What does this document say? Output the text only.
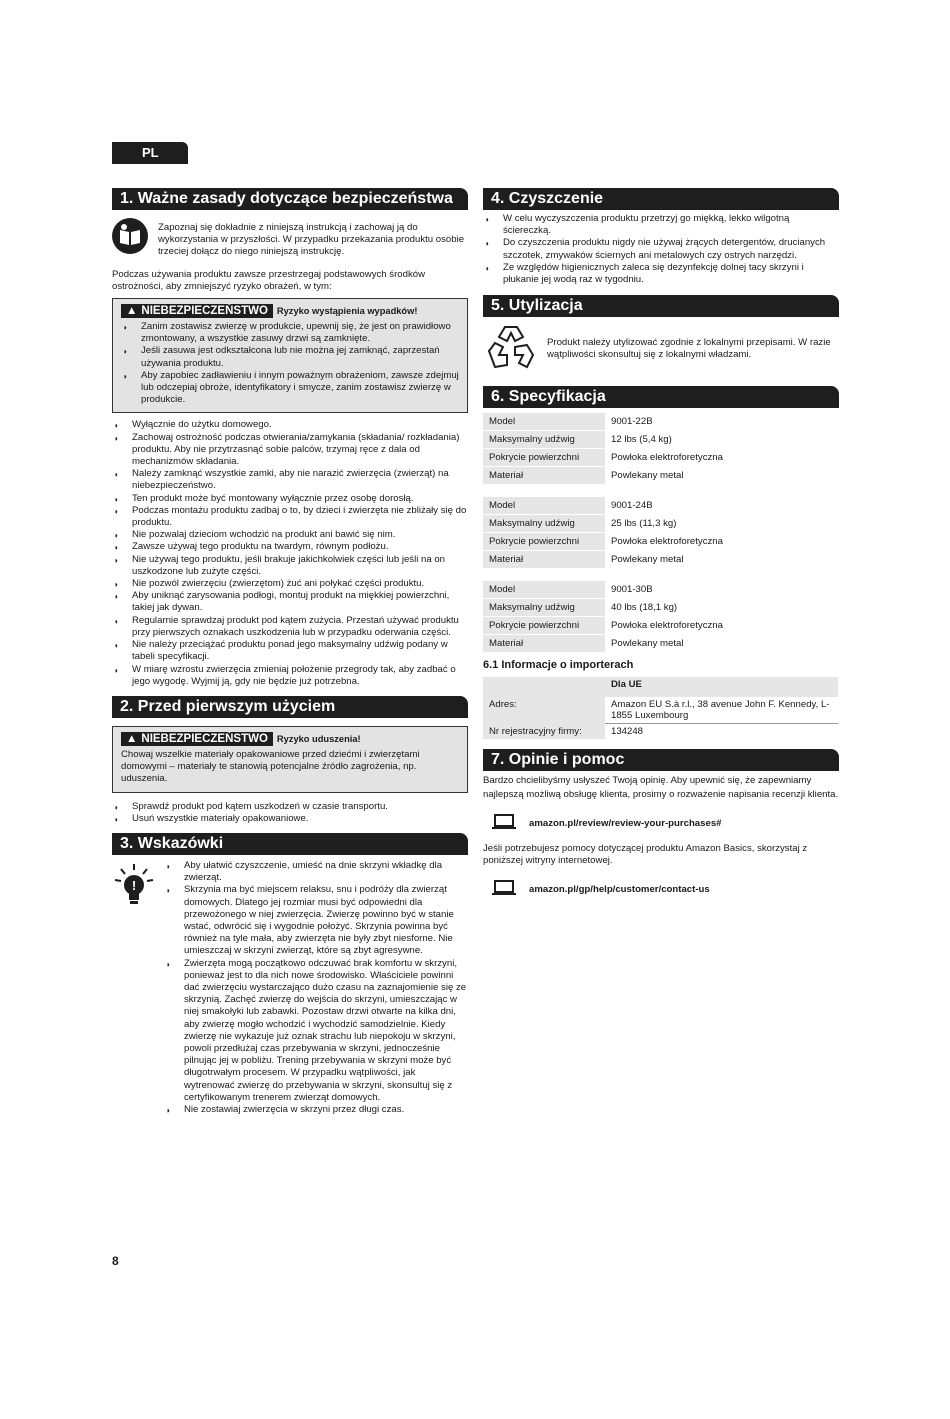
PL
1. Ważne zasady dotyczące bezpieczeństwa
Zapoznaj się dokładnie z niniejszą instrukcją i zachowaj ją do wykorzystania w przyszłości. W przypadku przekazania produktu osobie trzeciej dołącz do niego niniejszą instrukcję.
Podczas używania produktu zawsze przestrzegaj podstawowych środków ostrożności, aby zmniejszyć ryzyko obrażeń, w tym:
▲ NIEBEZPIECZEŃSTWO Ryzyko wystąpienia wypadków!
◗ Zanim zostawisz zwierzę w produkcie, upewnij się, że jest on prawidłowo zmontowany, a wszystkie zasuwy drzwi są zamknięte.
◗ Jeśli zasuwa jest odkształcona lub nie można jej zamknąć, zaprzestań używania produktu.
◗ Aby zapobiec zadławieniu i innym poważnym obrażeniom, zawsze zdejmuj lub odczepiaj obroże, identyfikatory i smycze, zanim zostawisz zwierzę w produkcie.
◗ Wyłącznie do użytku domowego.
◗ Zachowaj ostrożność podczas otwierania/zamykania (składania/ rozkładania) produktu. Aby nie przytrzasnąć sobie palców, trzymaj ręce z dala od mechanizmów składania.
◗ Należy zamknąć wszystkie zamki, aby nie narazić zwierzęcia (zwierząt) na niebezpieczeństwo.
◗ Ten produkt może być montowany wyłącznie przez osobę dorosłą.
◗ Podczas montażu produktu zadbaj o to, by dzieci i zwierzęta nie zbliżały się do produktu.
◗ Nie pozwalaj dzieciom wchodzić na produkt ani bawić się nim.
◗ Zawsze używaj tego produktu na twardym, równym podłożu.
◗ Nie używaj tego produktu, jeśli brakuje jakichkolwiek części lub jeśli na on uszkodzone lub zużyte części.
◗ Nie pozwól zwierzęciu (zwierzętom) żuć ani połykać części produktu.
◗ Aby uniknąć zarysowania podłogi, montuj produkt na miękkiej powierzchni, takiej jak dywan.
◗ Regularnie sprawdzaj produkt pod kątem zużycia. Przestań używać produktu przy pierwszych oznakach uszkodzenia lub w przypadku oderwania części.
◗ Nie należy przeciążać produktu ponad jego maksymalny udźwig podany w tabeli specyfikacji.
◗ W miarę wzrostu zwierzęcia zmieniaj położenie przegrody tak, aby zadbać o jego wygodę. Wyjmij ją, gdy nie będzie już potrzebna.
2. Przed pierwszym użyciem
▲ NIEBEZPIECZEŃSTWO Ryzyko uduszenia!
Chowaj wszelkie materiały opakowaniowe przed dziećmi i zwierzętami domowymi – materiały te stanowią potencjalne źródło zagrożenia, np. uduszenia.
◗ Sprawdź produkt pod kątem uszkodzeń w czasie transportu.
◗ Usuń wszystkie materiały opakowaniowe.
3. Wskazówki
!
◗ Aby ułatwić czyszczenie, umieść na dnie skrzyni wkładkę dla zwierząt.
◗ Skrzynia ma być miejscem relaksu, snu i podróży dla zwierząt domowych. Dlatego jej rozmiar musi być odpowiedni dla przewożonego w niej zwierzęcia. Zwierzę powinno być w stanie wstać, odwrócić się i wygodnie położyć. Skrzynia powinna być również na tyle mała, aby zwierzęta nie były zbyt niesforne. Nie umieszczaj w skrzyni zwierząt, które są zbyt agresywne.
◗ Zwierzęta mogą początkowo odczuwać brak komfortu w skrzyni, ponieważ jest to dla nich nowe środowisko. Właściciele powinni dać zwierzęciu wystarczająco dużo czasu na zaznajomienie się ze skrzynią. Zachęć zwierzę do wejścia do skrzyni, umieszczając w niej smakołyki lub zabawki. Pozostaw drzwi otwarte na kilka dni, aby zwierzę mogło wchodzić i wychodzić samodzielnie. Kiedy zwierzę nie wykazuje już oznak strachu lub niepokoju w skrzyni, powoli przedłużaj czas przebywania w skrzyni, jednocześnie pilnując jej w pobliżu. Trening przebywania w skrzyni może być długotrwałym procesem. W przypadku wątpliwości, jak wytrenować zwierzę do przebywania w skrzyni, skonsultuj się z certyfikowanym trenerem zwierząt domowych.
◗ Nie zostawiaj zwierzęcia w skrzyni przez długi czas.
4. Czyszczenie
◗ W celu wyczyszczenia produktu przetrzyj go miękką, lekko wilgotną ściereczką.
◗ Do czyszczenia produktu nigdy nie używaj żrących detergentów, drucianych szczotek, zmywaków ściernych ani metalowych czy ostrych narzędzi.
◗ Ze względów higienicznych zaleca się dezynfekcję dolnej tacy skrzyni i płukanie jej wodą raz w tygodniu.
5. Utylizacja
Produkt należy utylizować zgodnie z lokalnymi przepisami. W razie wątpliwości skonsultuj się z lokalnymi władzami.
6. Specyfikacja
Model	9001-22B
Maksymalny udźwig	12 lbs (5,4 kg)
Pokrycie powierzchni	Powłoka elektroforetyczna
Materiał	Powlekany metal
Model	9001-24B
Maksymalny udźwig	25 lbs (11,3 kg)
Pokrycie powierzchni	Powłoka elektroforetyczna
Materiał	Powlekany metal
Model	9001-30B
Maksymalny udźwig	40 lbs (18,1 kg)
Pokrycie powierzchni	Powłoka elektroforetyczna
Materiał	Powlekany metal
6.1 Informacje o importerach
	Dla UE
Adres:	Amazon EU S.à r.l., 38 avenue John F. Kennedy, L-1855 Luxembourg
Nr rejestracyjny firmy:	134248
7. Opinie i pomoc
Bardzo chcielibyśmy usłyszeć Twoją opinię. Aby upewnić się, że zapewniamy najlepszą możliwą obsługę klienta, prosimy o rozważenie napisania recenzji klienta.
amazon.pl/review/review-your-purchases#
Jeśli potrzebujesz pomocy dotyczącej produktu Amazon Basics, skorzystaj z poniższej witryny internetowej.
amazon.pl/gp/help/customer/contact-us
8
